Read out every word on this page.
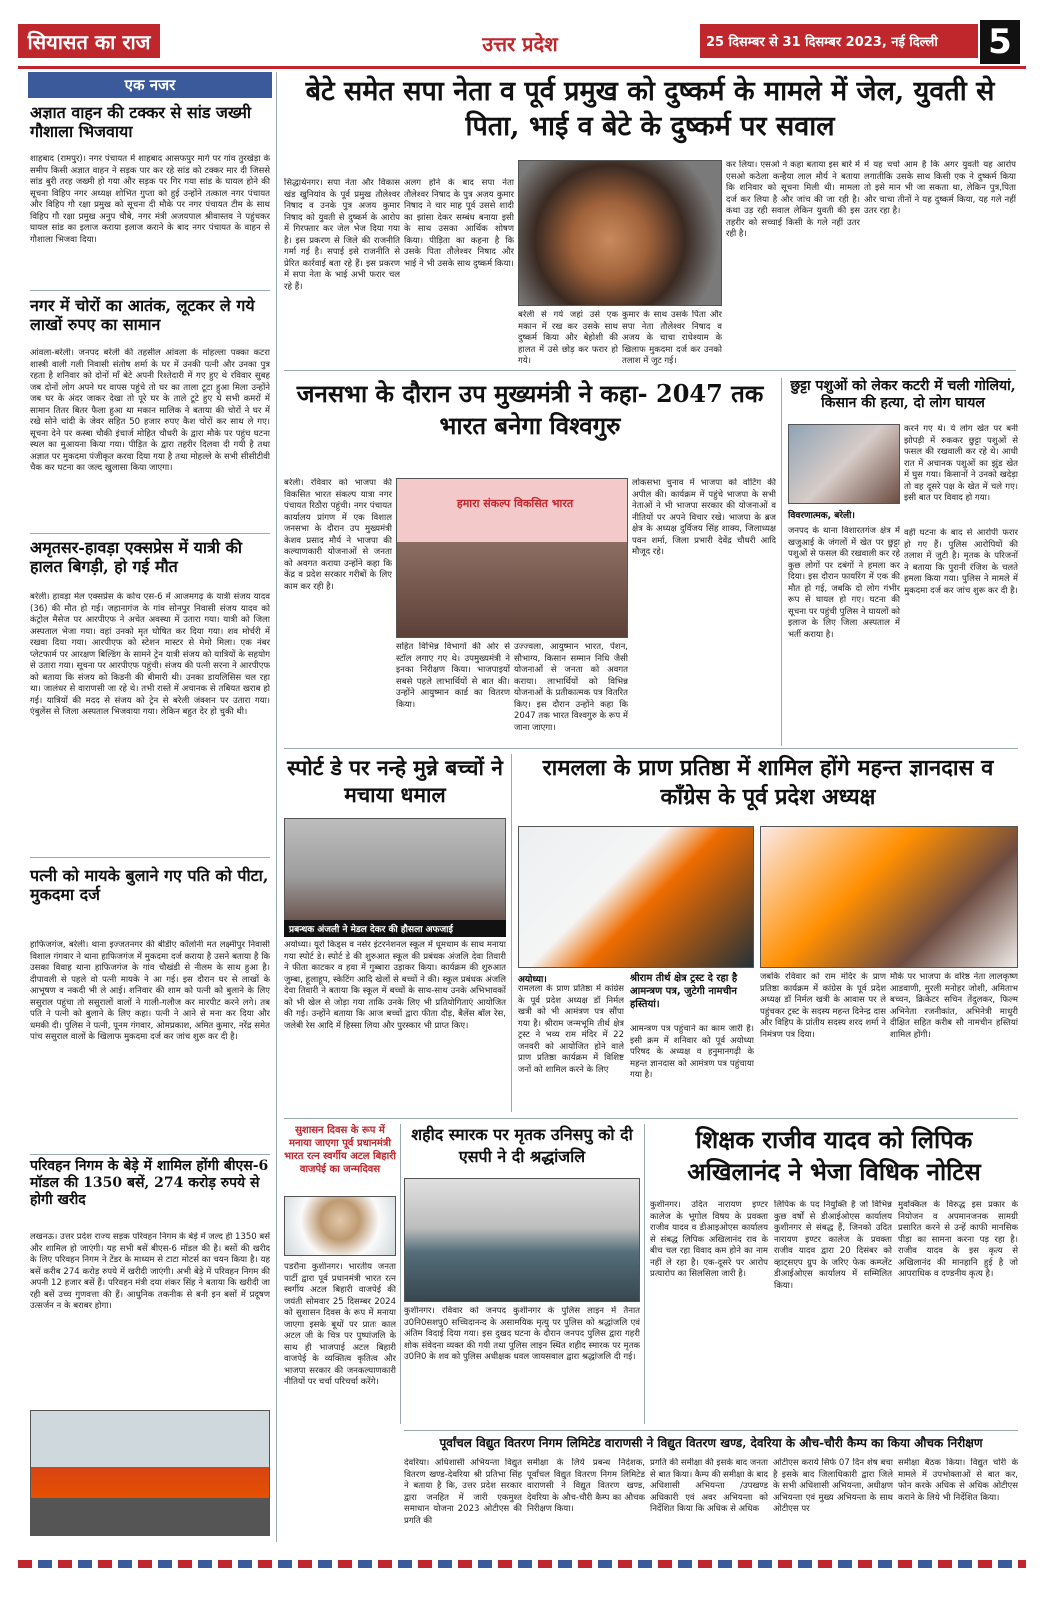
सियासत का राज	उत्तर प्रदेश	25 दिसम्बर से 31 दिसम्बर 2023, नई दिल्ली	5
एक नजर
अज्ञात वाहन की टक्कर से सांड जख्मी गौशाला भिजवाया
शाहबाद (रामपुर)। नगर पंचायत में शाहबाद आसफपुर मार्ग पर गांव तुरखेड़ा के समीप किसी अज्ञात वाहन ने सड़क पार कर रहे सांड को टक्कर मार दी जिससे सांड बुरी तरह जख्मी हो गया और सड़क पर गिर गया सांड के घायल होने की सूचना विहिप नगर अध्यक्ष शोभित गुप्ता को हुई उन्होंने तत्काल नगर पंचायत और विहिप गौ रक्षा प्रमुख को सूचना दी मौके पर नगर पंचायत टीम के साथ विहिप गौ रक्षा प्रमुख अनुप चौबे, नगर मंत्री अजयपाल श्रीवास्तव ने पहुंचकर घायल सांड का इलाज कराया इलाज कराने के बाद नगर पंचायत के वाहन से गौशाला भिजवा दिया।
नगर में चोरों का आतंक, लूटकर ले गये लाखों रुपए का सामान
आंवला-बरेली। जनपद बरेली की तहसील आंवला के मोहल्ला पक्का कटरा शास्त्री वाली गली निवासी संतोष शर्मा के घर में उनकी पत्नी और उनका पुत्र रहता है शनिवार को दोनों माँ बेटे अपनी रिश्तेदारी में गए हुए थे रविवार सुबह जब दोनों लोग अपने घर वापस पहुंचे तो घर का ताला टूटा हुआ मिला उन्होंने जब घर के अंदर जाकर देखा तो पूरे घर के ताले टूटे हुए थे सभी कमरों में सामान तितर बितर फैला हुआ था मकान मालिक ने बताया की चोरों ने घर में रखे सोने चांदी के जेवर सहित 50 हजार रुपए कैश चोरों कर साथ ले गए। सूचना देने पर कस्बा चौकी इंचार्ज मोहित चौधरी के द्वारा मौके पर पहुंच घटना स्थल का मुआयना किया गया। पीड़ित के द्वारा तहरीर दिलवा दी गयी है तथा अज्ञात पर मुकदमा पंजीकृत करवा दिया गया है तथा मोहल्ले के सभी सीसीटीवी चैक कर घटना का जल्द खुलासा किया जाएगा।
अमृतसर-हावड़ा एक्सप्रेस में यात्री की हालत बिगड़ी, हो गई मौत
बरेली। हावड़ा मेल एक्सप्रेस के कोच एस-6 में आजमगढ़ के यात्री संजय यादव (36) की मौत हो गई। जहानागंज के गांव सोनपुर निवासी संजय यादव को कंट्रोल मैसेज पर आरपीएफ ने अचेत अवस्था में उतारा गया। यात्री को जिला अस्पताल भेजा गया। वहां उनको मृत घोषित कर दिया गया। शव मोर्चरी में रखवा दिया गया। आरपीएफ को स्टेशन मास्टर से मेमो मिला। एक नंबर प्लेटफार्म पर आरक्षण बिल्डिंग के सामने ट्रेन यात्री संजय को यात्रियों के सहयोग से उतारा गया। सूचना पर आरपीएफ पहुंची। संजय की पत्नी सरना ने आरपीएफ को बताया कि संजय को किडनी की बीमारी थी। उनका डायलिसिस चल रहा था। जालंधर से वाराणसी जा रहे थे। तभी रास्ते में अचानक से तबियत खराब हो गई। यात्रियों की मदद से संजय को ट्रेन से बरेली जंक्शन पर उतारा गया। एंबुलेंस से जिला अस्पताल भिजवाया गया। लेकिन बहुत देर हो चुकी थी।
पत्नी को मायके बुलाने गए पति को पीटा, मुकदमा दर्ज
हाफिजगंज, बरेली। थाना इज्जतनगर की बीडीए कॉलोनी मत लक्ष्मीपुर निवासी विशाल गंगवार ने थाना हाफिजगंज में मुकदमा दर्ज कराया है उसने बताया है कि उसका विवाह थाना हाफिजगंज के गांव चौखंडी से नीलम के साथ हुआ है। दीपावली से पहले वो पत्नी मायके ने आ गई। इस दौरान घर से लाखों के आभूषण व नकदी भी ले आई। शनिवार की शाम को पत्नी को बुलाने के लिए ससुराल पहुंचा तो ससुरालों वालों ने गाली-गलौज कर मारपीट करने लगे। तब पति ने पत्नी को बुलाने के लिए कहा। पत्नी ने आने से मना कर दिया और धमकी दी। पुलिस ने पत्नी, पूनम गंगवार, ओमप्रकाश, अमित कुमार, नरेंद्र समेत पांच ससुराल वालों के खिलाफ मुकदमा दर्ज कर जांच शुरू कर दी है।
परिवहन निगम के बेड़े में शामिल होंगी बीएस-6 मॉडल की 1350 बसें, 274 करोड़ रुपये से होगी खरीद
लखनऊ। उत्तर प्रदेश राज्य सड़क परिवहन निगम के बेड़े में जल्द ही 1350 बसें और शामिल हो जाएंगी। यह सभी बसें बीएस-6 मॉडल की है। बसों की खरीद के लिए परिवहन निगम ने टेंडर के माध्यम से टाटा मोटर्स का चयन किया है। यह बसें करीब 274 करोड़ रुपये में खरीदी जाएंगी। अभी बेड़े में परिवहन निगम की अपनी 12 हजार बसें हैं। परिवहन मंत्री दया शंकर सिंह ने बताया कि खरीदी जा रही बसें उच्च गुणवत्ता की हैं। आधुनिक तकनीक से बनी इन बसों में प्रदूषण उत्सर्जन न के बराबर होगा।
बेटे समेत सपा नेता व पूर्व प्रमुख को दुष्कर्म के मामले में जेल, युवती से पिता, भाई व बेटे के दुष्कर्म पर सवाल
सिद्धार्थनगर। सपा नेता और विकास खंड खुनियांव के पूर्व प्रमुख तौलेश्वर निषाद व उनके पुत्र अजय कुमार निषाद को युवती से दुष्कर्म के आरोप में गिरफ्तार कर जेल भेज दिया गया है। इस प्रकरण से जिले की राजनीति गर्मा गई है। सपाई इसे राजनीति से प्रेरित कार्रवाई बता रहे हैं। इस प्रकरण में सपा नेता के भाई अभी फरार चल रहे हैं।
अलग होने के बाद सपा नेता तौलेश्वर निषाद के पुत्र अजय कुमार निषाद ने चार माह पूर्व उससे शादी का झांसा देकर सम्बंध बनाया इसी के साथ उसका आर्थिक शोषण किया। पीड़िता का कहना है कि उसके पिता तौलेश्वर निषाद और भाई ने भी उसके साथ दुष्कर्म किया।
बरेली से गये जहां उसे एक मकान में रख कर उसके साथ दुष्कर्म किया और बेहोशी की हालत में उसे छोड़ कर फरार हो गये।
कुमार के साथ उसके पिता और सपा नेता तौलेश्वर निषाद व अजय के चाचा राधेश्याम के खिलाफ मुकदमा दर्ज कर उनको तलाश में जुट गई।
कर लिया। एसओ ने कहा बताया इस बारे में एसओ कठेला कन्हैया लाल मौर्य ने बताया कि शनिवार को सूचना मिली थी। मामला दर्ज कर लिया है और जांच की जा रही है। कथा उड़ रही सवाल लेकिन युवती की इस तहरीर को सच्चाई किसी के गले नहीं उतर रही है।
में यह चर्चा आम है कि अगर युवती यह आरोप लगातीकि उसके साथ किसी एक ने दुष्कर्म किया तो इसे मान भी जा सकता था, लेकिन पुत्र,पिता और चाचा तीनों ने यह दुष्कर्म किया, यह गले नहीं उतर रहा है।
जनसभा के दौरान उप मुख्यमंत्री ने कहा- 2047 तक भारत बनेगा विश्वगुरु
बरेली। रविवार को भाजपा की विकसित भारत संकल्प यात्रा नगर पंचायत रिठौरा पहुंची। नगर पंचायत कार्यालय प्रांगण में एक विशाल जनसभा के दौरान उप मुख्यमंत्री केशव प्रसाद मौर्य ने भाजपा की कल्याणकारी योजनाओं से जनता को अवगत कराया उन्होंने कहा कि केंद्र व प्रदेश सरकार गरीबों के लिए काम कर रही है।
हमारा संकल्प विकसित भारत
सहित विभिन्न विभागों की ओर से स्टॉल लगाए गए थे। उपमुख्यमंत्री ने इनका निरीक्षण किया। भाजपाइयों सबसे पहले लाभार्थियों से बात की। उन्होंने आयुष्मान कार्ड का वितरण किया।
उज्ज्वला, आयुष्मान भारत, पेंशन, सौभाग्य, किसान सम्मान निधि जैसी योजनाओं से जनता को अवगत कराया। लाभार्थियों को विभिन्न योजनाओं के प्रतीकात्मक पत्र वितरित किए। इस दौरान उन्होंने कहा कि 2047 तक भारत विश्वगुरु के रूप में जाना जाएगा।
लोकसभा चुनाव में भाजपा को वोटिंग की अपील की। कार्यक्रम में पहुंचे भाजपा के सभी नेताओं ने भी भाजपा सरकार की योजनाओं व नीतियों पर अपने विचार रखे। भाजपा के ब्रज क्षेत्र के अध्यक्ष दुर्विजय सिंह शाक्य, जिलाध्यक्ष पवन शर्मा, जिला प्रभारी देवेंद्र चौधरी आदि मौजूद रहे।
छुट्टा पशुओं को लेकर कटरी में चली गोलियां, किसान की हत्या, दो लोग घायल
विवरणात्मक, बरेली।
करने गए थे। ये लोग खेत पर बनी झोपड़ी में रुककर छुट्टा पशुओं से फसल की रखवाली कर रहे थे। आधी रात में अचानक पशुओं का झुंड खेत में घुस गया। किसानों ने उनको खदेड़ा तो वह दूसरे पक्ष के खेत में चले गए। इसी बात पर विवाद हो गया।
जनपद के थाना विशारतगंज क्षेत्र में खजुआई के जंगलों में खेत पर छुट्टा पशुओं से फसल की रखवाली कर रहे कुछ लोगों पर दबंगों ने हमला कर दिया। इस दौरान फायरिंग में एक की मौत हो गई, जबकि दो लोग गंभीर रूप से घायल हो गए। घटना की सूचना पर पहुंची पुलिस ने घायलों को इलाज के लिए जिला अस्पताल में भर्ती कराया है।
वहीं घटना के बाद से आरोपी फरार हो गए हैं। पुलिस आरोपियों की तलाश में जुटी है। मृतक के परिजनों ने बताया कि पुरानी रंजिश के चलते हमला किया गया। पुलिस ने मामले में मुकदमा दर्ज कर जांच शुरू कर दी है।
स्पोर्ट डे पर नन्हे मुन्ने बच्चों ने मचाया धमाल
प्रबन्धक अंजली ने मेडल देकर की हौसला अफजाई
अयोध्या। यूरो किड्स व नर्सर इंटरनेशनल स्कूल में धूमधाम के साथ मनाया गया स्पोर्ट डे। स्पोर्ट डे की शुरुआत स्कूल की प्रबंधक अंजलि देवा तिवारी ने फीता काटकर व हवा में गुब्बारा उड़ाकर किया। कार्यक्रम की शुरुआत जुम्बा, हूलाहूप, स्केटिंग आदि खेलों से बच्चों ने की। स्कूल प्रबंधक अंजलि देवा तिवारी ने बताया कि स्कूल में बच्चों के साथ-साथ उनके अभिभावकों को भी खेल से जोड़ा गया ताकि उनके लिए भी प्रतियोगिताएं आयोजित की गई। उन्होंने बताया कि आज बच्चों द्वारा फीता दौड़, बैलेंस बॉल रेस, जलेबी रेस आदि में हिस्सा लिया और पुरस्कार भी प्राप्त किए।
रामलला के प्राण प्रतिष्ठा में शामिल होंगे महन्त ज्ञानदास व कॉंग्रेस के पूर्व प्रदेश अध्यक्ष
अयोध्या।
रामलला के प्राण प्रतिष्ठा में कांग्रेस के पूर्व प्रदेश अध्यक्ष डॉ निर्मल खत्री को भी आमंत्रण पत्र सौंपा गया है। श्रीराम जन्मभूमि तीर्थ क्षेत्र ट्रस्ट ने भव्य राम मंदिर में 22 जनवरी को आयोजित होने वाले प्राण प्रतिष्ठा कार्यक्रम में विशिष्ट जनों को शामिल करने के लिए
श्रीराम तीर्थ क्षेत्र ट्रस्ट दे रहा है आमन्त्रण पत्र, जुटेगी नामचीन हस्तियां।
आमन्त्रण पत्र पहुंचाने का काम जारी है। इसी क्रम में शनिवार को पूर्व अयोध्या परिषद के अध्यक्ष व हनुमानगढ़ी के महन्त ज्ञानदास को आमंत्रण पत्र पहुंचाया गया है।
जबकि रविवार को राम मंदिर के प्राण प्रतिष्ठा कार्यक्रम में कांग्रेस के पूर्व प्रदेश अध्यक्ष डॉ निर्मल खत्री के आवास पर ले पहुंचकर ट्रस्ट के सदस्य महन्त दिनेन्द्र दास और विहिप के प्रांतीय सदस्य शरद शर्मा ने निमंत्रण पत्र दिया।
मौके पर भाजपा के वरिष्ठ नेता लालकृष्ण आडवाणी, मुरली मनोहर जोशी, अमिताभ बच्चन, क्रिकेटर सचिन तेंदुलकर, फिल्म अभिनेता रजनीकांत, अभिनेत्री माधुरी दीक्षित सहित करीब सौ नामचीन हस्तियां शामिल होंगी।
सुशासन दिवस के रूप में मनाया जाएगा पूर्व प्रधानमंत्री भारत रत्न स्वर्गीय अटल बिहारी वाजपेई का जन्मदिवस
पडरौना कुशीनगर। भारतीय जनता पार्टी द्वारा पूर्व प्रधानमंत्री भारत रत्न स्वर्गीय अटल बिहारी वाजपेई की जयंती सोमवार 25 दिसम्बर 2024 को सुशासन दिवस के रूप में मनाया जाएगा इसके बूथों पर प्रातः काल अटल जी के चित्र पर पुष्पांजलि के साथ ही भाजपाई अटल बिहारी वाजपेई के व्यक्तित्व कृतित्व और भाजपा सरकार की जनकल्याणकारी नीतियों पर चर्चा परिचर्चा करेंगे।
शहीद स्मारक पर मृतक उनिसपु को दी एसपी ने दी श्रद्धांजलि
कुशीनगर। रविवार को जनपद कुशीनगर के पुलिस लाइन में तैनात उ0नि0सशपु0 सच्चिदानन्द के असामयिक मृत्यु पर पुलिस को श्रद्धांजलि एवं अंतिम विदाई दिया गया। इस दुखद घटना के दौरान जनपद पुलिस द्वारा गहरी शोक संवेदना व्यक्त की गयी तथा पुलिस लाइन स्थित शहीद स्मारक पर मृतक उ0नि0 के शव को पुलिस अधीक्षक धवल जायसवाल द्वारा श्रद्धांजलि दी गई।
शिक्षक राजीव यादव को लिपिक अखिलानंद ने भेजा विधिक नोटिस
कुशीनगर। उदित नारायण इण्टर कालेज के भूगोल विषय के प्रवक्ता राजीव यादव व डीआइओएस कार्यालय से संबद्ध लिपिक अखिलानंद राव के बीच चल रहा विवाद कम होने का नाम नहीं ले रहा है। एक-दूसरे पर आरोप प्रत्यारोप का सिलसिला जारी है।
लिपिक के पद नियुक्ति है जो विभिन्न कुछ वर्षों से डीआईओएस कार्यालय कुशीनगर से संबद्ध हैं, जिनको उदित नारायण इण्टर कालेज के प्रवक्ता राजीव यादव द्वारा 20 दिसंबर को व्हाट्सएप ग्रुप के जरिए फेक कम्प्लेंट डीआईओएस कार्यालय में सम्मिलित किया।
मुवक्किल के विरुद्ध इस प्रकार के नियोजन व अपमानजनक सामग्री प्रसारित करने से उन्हें काफी मानसिक पीड़ा का सामना करना पड़ रहा है। राजीव यादव के इस कृत्य से अखिलानंद की मानहानि हुई है जो आपराधिक व दण्डनीय कृत्य है।
पूर्वांचल विद्युत वितरण निगम लिमिटेड वाराणसी ने विद्युत वितरण खण्ड, देवरिया के औच-चौरी कैम्प का किया औचक निरीक्षण
देवरिया। अधिशासी अभियन्ता विद्युत वितरण खण्ड-देवरिया श्री प्रतिभा सिंह ने बताया है कि, उत्तर प्रदेश सरकार द्वारा जनहित में जारी एकमुश्त समाधान योजना 2023 ओटीएस की प्रगति की
समीक्षा के लिये प्रबन्ध निदेशक, पूर्वांचल विद्युत वितरण निगम लिमिटेड वाराणसी ने विद्युत वितरण खण्ड, देवरिया के औच-चौरी कैम्प का औचक निरीक्षण किया।
प्रगति की समीक्षा की इसके बाद जनता से बात किया। कैम्प की समीक्षा के बाद अधिशासी अभियन्ता /उपखण्ड अधिकारी एवं अवर अभियन्ता को निर्देशित किया कि अधिक से अधिक
ओटीएस कराये सिर्फ 07 दिन शेष बचा है इसके बाद जिलाधिकारी द्वारा जिले के सभी अधिशासी अभियन्ता, अधीक्षण अभियन्ता एवं मुख्य अभियन्ता के साथ ओटीएस पर
समीक्षा बैठक किया। विद्युत चोरी के मामले में उपभोक्ताओं से बात कर, फोन करके अधिक से अधिक ओटीएस कराने के लिये भी निर्देशित किया।
